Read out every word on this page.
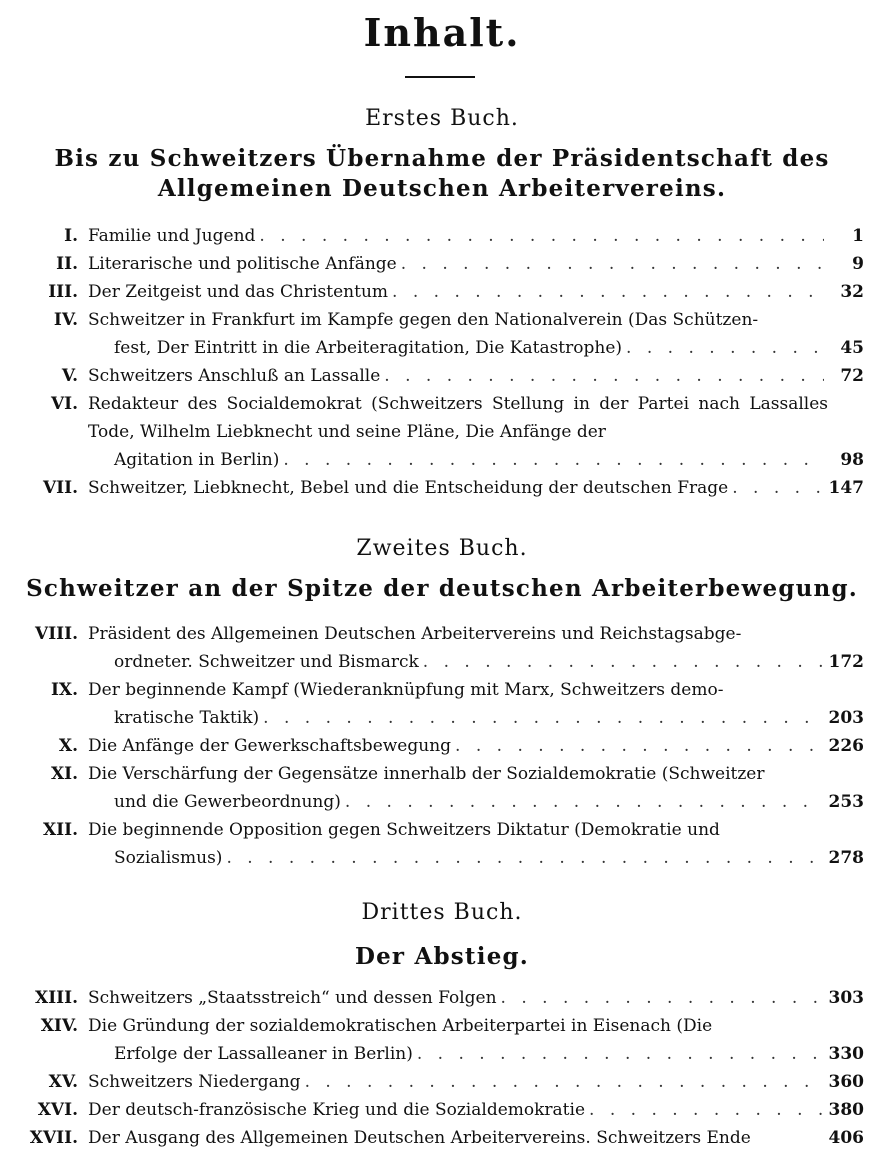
Inhalt.
Erstes Buch.
Bis zu Schweitzers Übernahme der Präsidentschaft des Allgemeinen Deutschen Arbeitervereins.
I. Familie und Jugend . . .	1
II. Literarische und politische Anfänge . . .	9
III. Der Zeitgeist und das Christentum . . .	32
IV. Schweitzer in Frankfurt im Kampfe gegen den Nationalverein (Das Schützen-
fest, Der Eintritt in die Arbeiteragitation, Die Katastrophe) . . .	45
V. Schweitzers Anschluß an Lassalle . . .	72
VI. Redakteur des Socialdemokrat (Schweitzers Stellung in der Partei nach Lassalles Tode, Wilhelm Liebknecht und seine Pläne, Die Anfänge der
Agitation in Berlin) . . .	98
VII. Schweitzer, Liebknecht, Bebel und die Entscheidung der deutschen Frage . . .	147
Zweites Buch.
Schweitzer an der Spitze der deutschen Arbeiterbewegung.
VIII. Präsident des Allgemeinen Deutschen Arbeitervereins und Reichstagsabge-
ordneter. Schweitzer und Bismarck . . .	172
IX. Der beginnende Kampf (Wiederanknüpfung mit Marx, Schweitzers demo-
kratische Taktik) . . .	203
X. Die Anfänge der Gewerkschaftsbewegung . . .	226
XI. Die Verschärfung der Gegensätze innerhalb der Sozialdemokratie (Schweitzer
und die Gewerbeordnung) . . .	253
XII. Die beginnende Opposition gegen Schweitzers Diktatur (Demokratie und
Sozialismus) . . .	278
Drittes Buch.
Der Abstieg.
XIII. Schweitzers „Staatsstreich“ und dessen Folgen . . .	303
XIV. Die Gründung der sozialdemokratischen Arbeiterpartei in Eisenach (Die
Erfolge der Lassalleaner in Berlin) . . .	330
XV. Schweitzers Niedergang . . .	360
XVI. Der deutsch-französische Krieg und die Sozialdemokratie . . .	380
XVII. Der Ausgang des Allgemeinen Deutschen Arbeitervereins. Schweitzers Ende	406
